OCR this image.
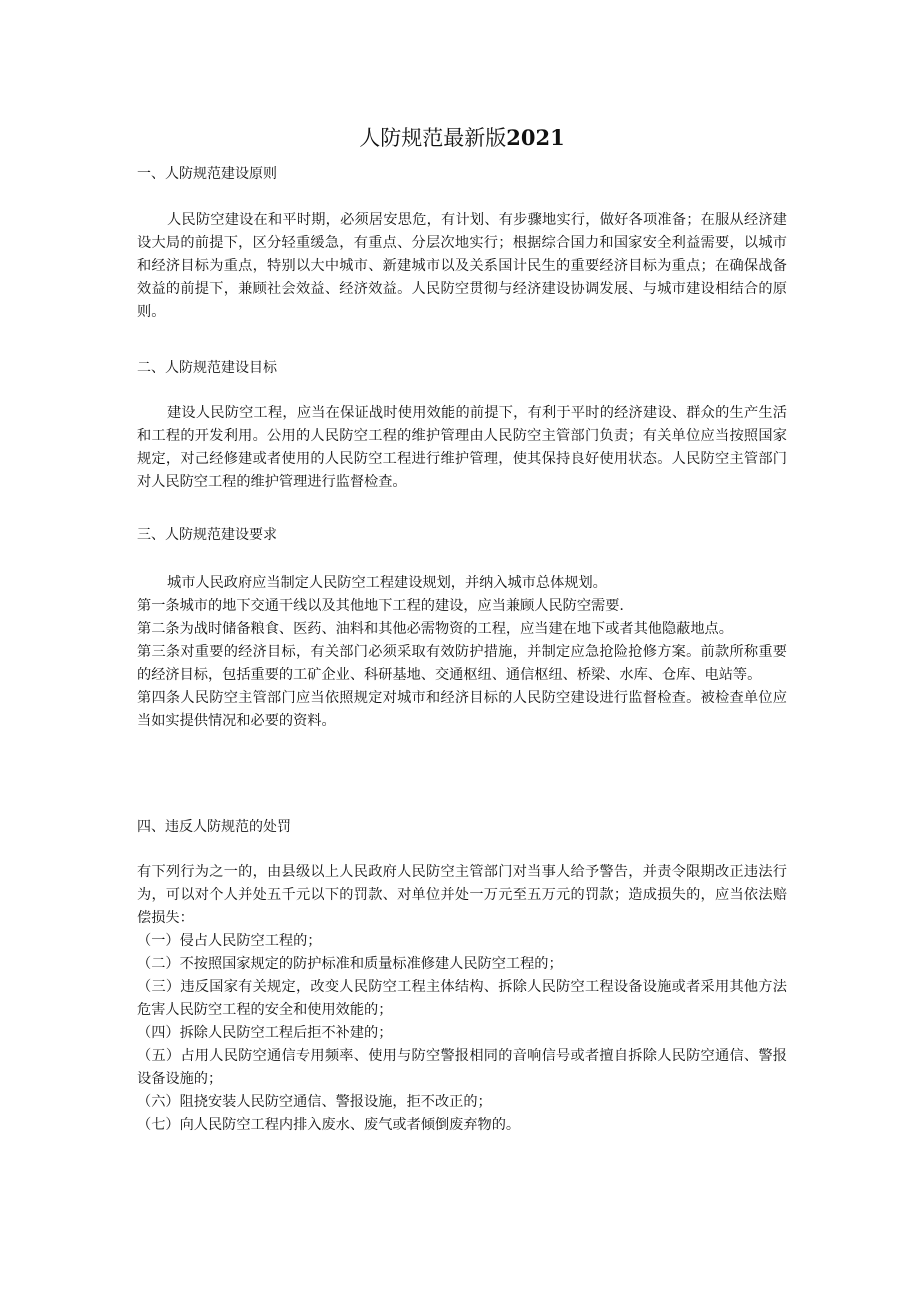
人防规范最新版2021

一、人防规范建设原则

人民防空建设在和平时期，必须居安思危，有计划、有步骤地实行，做好各项准备；在服从经济建设大局的前提下，区分轻重缓急，有重点、分层次地实行；根据综合国力和国家安全利益需要，以城市和经济目标为重点，特别以大中城市、新建城市以及关系国计民生的重要经济目标为重点；在确保战备效益的前提下，兼顾社会效益、经济效益。人民防空贯彻与经济建设协调发展、与城市建设相结合的原则。

二、人防规范建设目标

建设人民防空工程，应当在保证战时使用效能的前提下，有利于平时的经济建设、群众的生产生活和工程的开发利用。公用的人民防空工程的维护管理由人民防空主管部门负责；有关单位应当按照国家规定，对己经修建或者使用的人民防空工程进行维护管理，使其保持良好使用状态。人民防空主管部门对人民防空工程的维护管理进行监督检查。

三、人防规范建设要求

城市人民政府应当制定人民防空工程建设规划，并纳入城市总体规划。
第一条城市的地下交通干线以及其他地下工程的建设，应当兼顾人民防空需要.
第二条为战时储备粮食、医药、油料和其他必需物资的工程，应当建在地下或者其他隐蔽地点。
第三条对重要的经济目标，有关部门必须采取有效防护措施，并制定应急抢险抢修方案。前款所称重要的经济目标，包括重要的工矿企业、科研基地、交通枢纽、通信枢纽、桥梁、水库、仓库、电站等。
第四条人民防空主管部门应当依照规定对城市和经济目标的人民防空建设进行监督检查。被检查单位应当如实提供情况和必要的资料。

四、违反人防规范的处罚

有下列行为之一的，由县级以上人民政府人民防空主管部门对当事人给予警告，并责令限期改正违法行为，可以对个人并处五千元以下的罚款、对单位并处一万元至五万元的罚款；造成损失的，应当依法赔偿损失：
（一）侵占人民防空工程的；
（二）不按照国家规定的防护标准和质量标准修建人民防空工程的；
（三）违反国家有关规定，改变人民防空工程主体结构、拆除人民防空工程设备设施或者采用其他方法危害人民防空工程的安全和使用效能的；
（四）拆除人民防空工程后拒不补建的；
（五）占用人民防空通信专用频率、使用与防空警报相同的音响信号或者擅自拆除人民防空通信、警报设备设施的；
（六）阻挠安装人民防空通信、警报设施，拒不改正的；
（七）向人民防空工程内排入废水、废气或者倾倒废弃物的。
